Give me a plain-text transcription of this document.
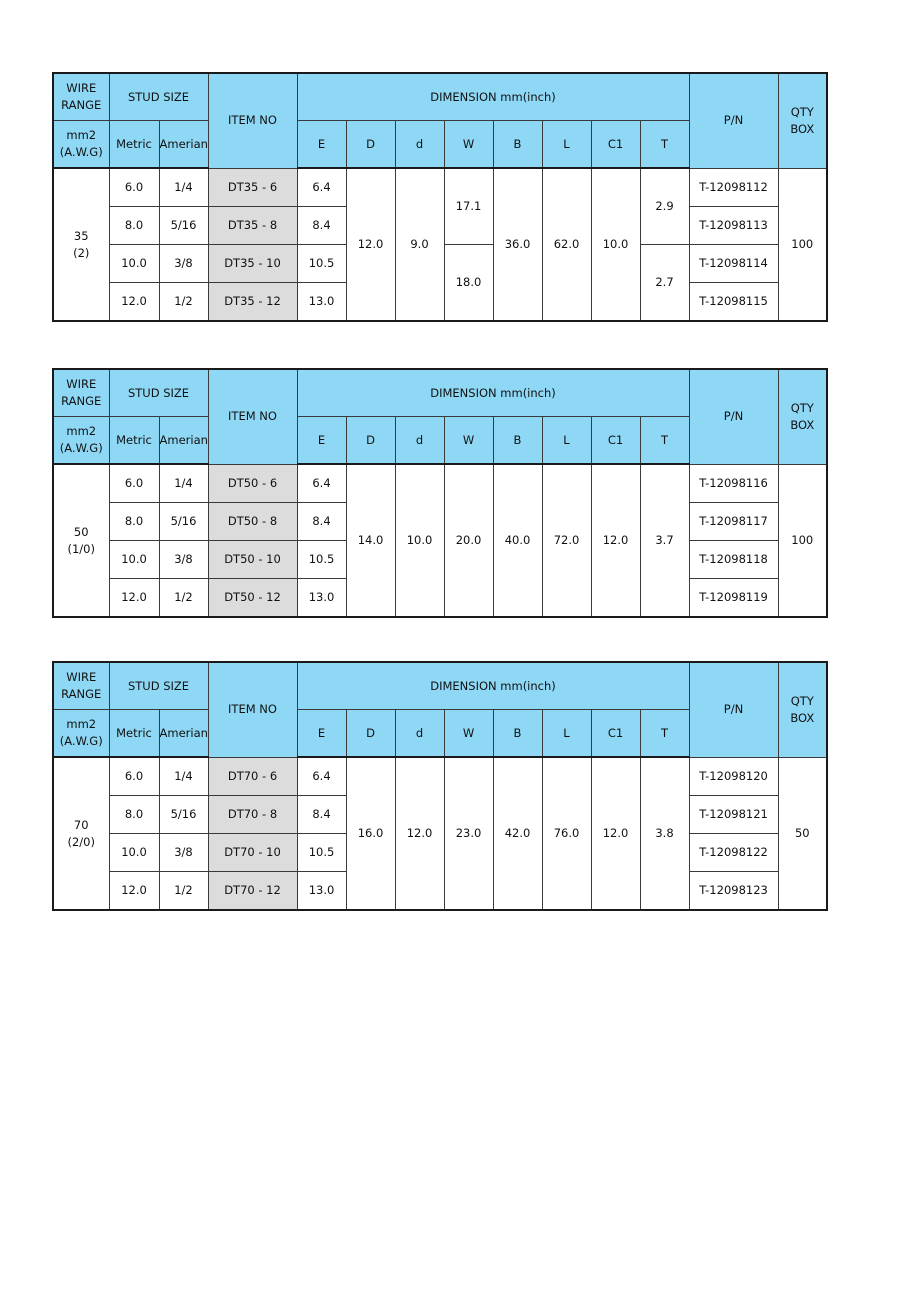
WIRE
RANGE	STUD SIZE		ITEM NO	DIMENSION mm(inch)								P/N	QTY
BOX
mm2
(A.W.G)	Metric	Amerian		E	D	d	W	B	L	C1	T		
35
(2)	6.0	1/4	DT35 - 6	6.4	12.0	9.0	17.1	36.0	62.0	10.0	2.9	T-12098112	100
	8.0	5/16	DT35 - 8	8.4								T-12098113	
	10.0	3/8	DT35 - 10	10.5			18.0				2.7	T-12098114	
	12.0	1/2	DT35 - 12	13.0								T-12098115	
WIRE
RANGE	STUD SIZE		ITEM NO	DIMENSION mm(inch)								P/N	QTY
BOX
mm2
(A.W.G)	Metric	Amerian		E	D	d	W	B	L	C1	T		
50
(1/0)	6.0	1/4	DT50 - 6	6.4	14.0	10.0	20.0	40.0	72.0	12.0	3.7	T-12098116	100
	8.0	5/16	DT50 - 8	8.4								T-12098117	
	10.0	3/8	DT50 - 10	10.5								T-12098118	
	12.0	1/2	DT50 - 12	13.0								T-12098119	
WIRE
RANGE	STUD SIZE		ITEM NO	DIMENSION mm(inch)								P/N	QTY
BOX
mm2
(A.W.G)	Metric	Amerian		E	D	d	W	B	L	C1	T		
70
(2/0)	6.0	1/4	DT70 - 6	6.4	16.0	12.0	23.0	42.0	76.0	12.0	3.8	T-12098120	50
	8.0	5/16	DT70 - 8	8.4								T-12098121	
	10.0	3/8	DT70 - 10	10.5								T-12098122	
	12.0	1/2	DT70 - 12	13.0								T-12098123	
